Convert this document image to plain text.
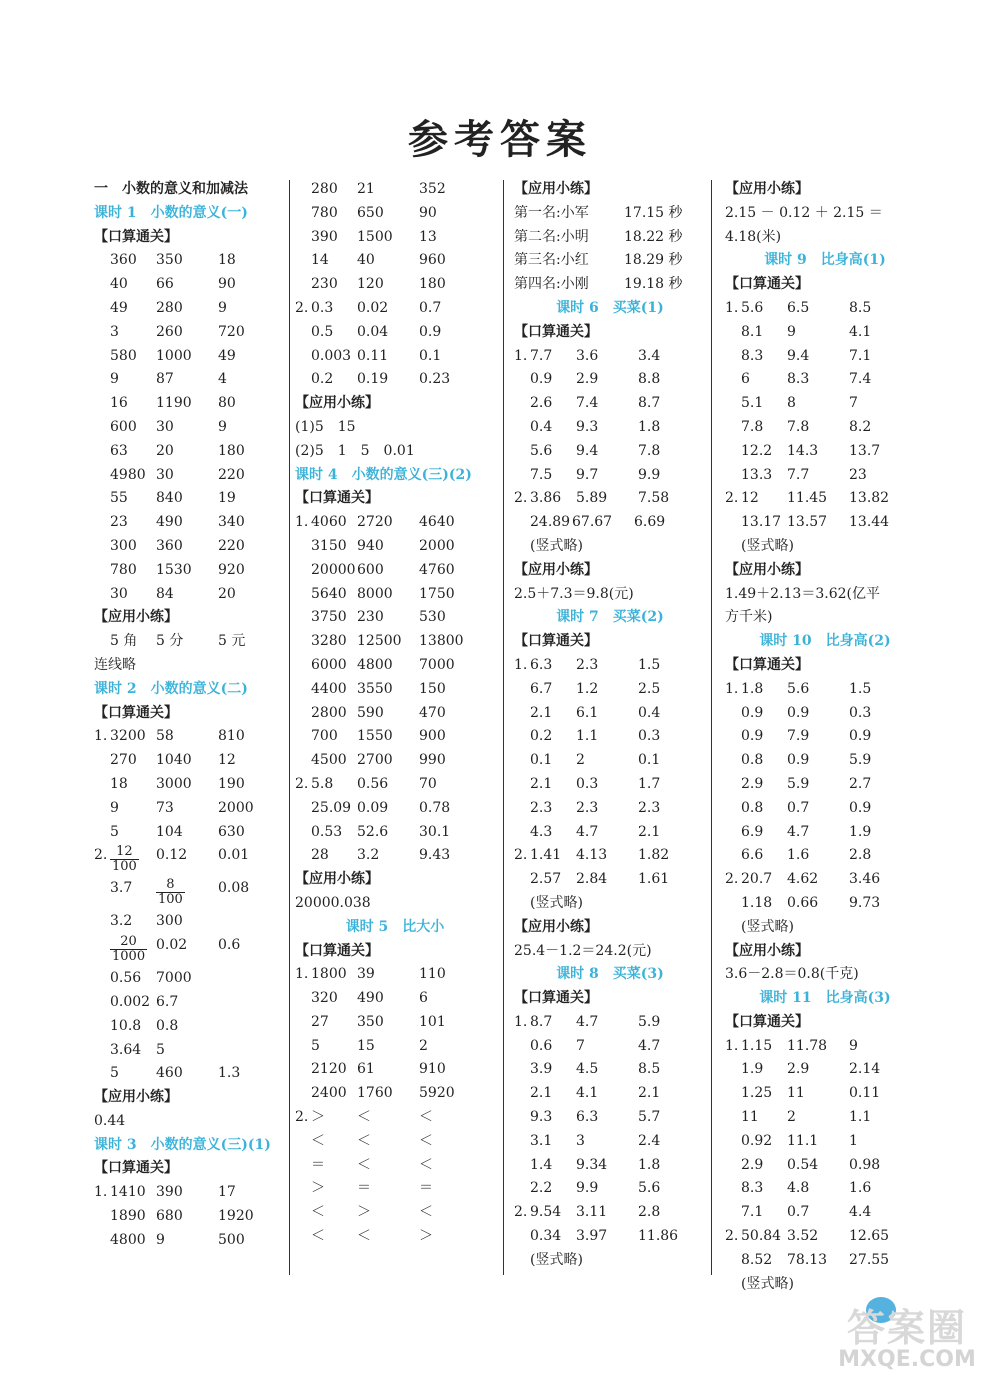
参考答案
一　小数的意义和加减法
课时 1　小数的意义(一)
【口算通关】
360 350	18
40 66	90
49 280	9
3	260	720
580 1000 49
9	87	4
16 1190 80
600 30	9
63 20	180
4980 30	220
55 840	19
23 490	340
300 360	220
780 1530 920
30 84	20
【应用小练】
5 角 5 分 5 元
连线略
课时 2　小数的意义(二)
【口算通关】
1. 3200 58	810
270 1040 12
18 3000 190
9	73	2000
5	104	630
2. $\frac{12}{100} 0.12$ 0.01
$3.7 \frac{8}{100} 0.08$
3.2 300
$\frac{20}{1000} 0.02$ 0.6
0.56 7000
0.002 6.7
10.8 0.8
3.64 5
5	460	1.3
【应用小练】
0.44
课时 3　小数的意义(三)(1)
【口算通关】
1. 1410 390	17
1890 680	1920
4800 9	500
280 21	352
780 650	90
390 1500 13
14 40	960
230 120	180
2. 0.3 0.02 0.7
0.5 0.04 0.9
0.003 0.11 0.1
0.2 0.19 0.23
【应用小练】
(1)5　15
(2)5　1　5　0.01
课时 4　小数的意义(三)(2)
【口算通关】
1. 4060 2720 4640
3150 940	2000
20000 600	4760
5640 8000 1750
3750 230	530
3280 12500 13800
6000 4800 7000
4400 3550 150
2800 590	470
700 1550 900
4500 2700 990
2. 5.8 0.56 70
25.09 0.09 0.78
0.53 52.6 30.1
28 3.2	9.43
【应用小练】
20000.038
课时 5　比大小
【口算通关】
1. 1800 39	110
320 490	6
27 350	101
5	15	2
2120 61	910
2400 1760 5920
2. ＞ ＜	＜
＜ ＜	＜
＝ ＜	＜
＞ ＝	＝
＜ ＞	＜
＜ ＜	＞
【应用小练】
第一名:小军	17.15 秒
第二名:小明	18.22 秒
第三名:小红	18.29 秒
第四名:小刚	19.18 秒
课时 6　买菜(1)
【口算通关】
1. 7.7 3.6	3.4
0.9 2.9	8.8
2.6 7.4	8.7
0.4 9.3	1.8
5.6 9.4	7.8
7.5 9.7	9.9
2. 3.86 5.89 7.58
24.89 67.67 6.69
(竖式略)
【应用小练】
2.5＋7.3＝9.8(元)
课时 7　买菜(2)
【口算通关】
1. 6.3 2.3	1.5
6.7 1.2	2.5
2.1 6.1	0.4
0.2 1.1	0.3
0.1 2	0.1
2.1 0.3	1.7
2.3 2.3	2.3
4.3 4.7	2.1
2. 1.41 4.13 1.82
2.57 2.84 1.61
(竖式略)
【应用小练】
25.4－1.2＝24.2(元)
课时 8　买菜(3)
【口算通关】
1. 8.7 4.7	5.9
0.6 7	4.7
3.9 4.5	8.5
2.1 4.1	2.1
9.3 6.3	5.7
3.1 3	2.4
1.4 9.34 1.8
2.2 9.9	5.6
2. 9.54 3.11 2.8
0.34 3.97 11.86
(竖式略)
【应用小练】
2.15 － 0.12 ＋ 2.15 ＝
4.18(米)
课时 9　比身高(1)
【口算通关】
1. 5.6 6.5	8.5
8.1 9	4.1
8.3 9.4	7.1
6	8.3	7.4
5.1 8	7
7.8 7.8	8.2
12.2 14.3 13.7
13.3 7.7	23
2. 12 11.45 13.82
13.17 13.57 13.44
(竖式略)
【应用小练】
1.49＋2.13＝3.62(亿平
方千米)
课时 10　比身高(2)
【口算通关】
1. 1.8 5.6	1.5
0.9 0.9	0.3
0.9 7.9	0.9
0.8 0.9	5.9
2.9 5.9	2.7
0.8 0.7	0.9
6.9 4.7	1.9
6.6 1.6	2.8
2. 20.7 4.62 3.46
1.18 0.66 9.73
(竖式略)
【应用小练】
3.6－2.8＝0.8(千克)
课时 11　比身高(3)
【口算通关】
1. 1.15 11.78 9
1.9 2.9	2.14
1.25 11	0.11
11 2	1.1
0.92 11.1 1
2.9 0.54 0.98
8.3 4.8	1.6
7.1 0.7	4.4
2. 50.84 3.52 12.65
8.52 78.13 27.55
(竖式略)
答案圈
MXQE.COM
